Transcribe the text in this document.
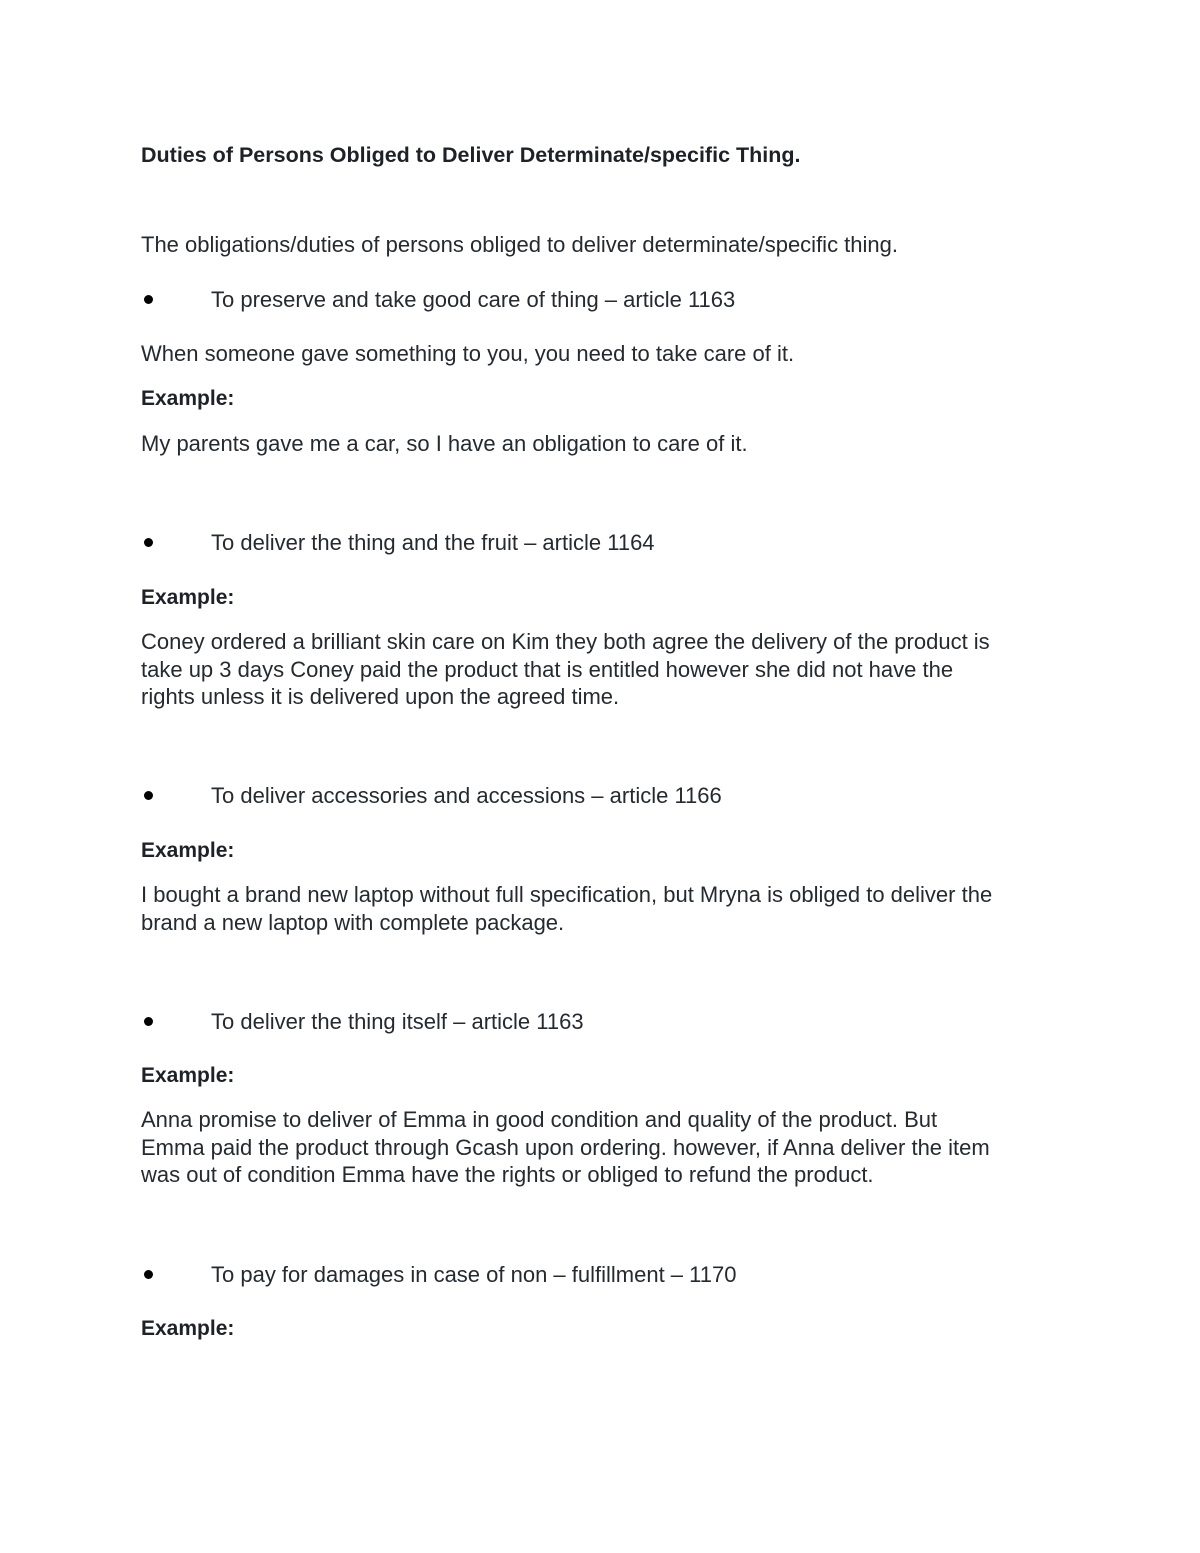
Duties of Persons Obliged to Deliver Determinate/specific Thing.

The obligations/duties of persons obliged to deliver determinate/specific thing.

To preserve and take good care of thing – article 1163

When someone gave something to you, you need to take care of it.

Example:

My parents gave me a car, so I have an obligation to care of it.
To deliver the thing and the fruit – article 1164

Example:

Coney ordered a brilliant skin care on Kim they both agree the delivery of the product is
take up 3 days Coney paid the product that is entitled however she did not have the
rights unless it is delivered upon the agreed time.
To deliver accessories and accessions – article 1166

Example:

I bought a brand new laptop without full specification, but Mryna is obliged to deliver the
brand a new laptop with complete package.
To deliver the thing itself – article 1163

Example:

Anna promise to deliver of Emma in good condition and quality of the product. But
Emma paid the product through Gcash upon ordering. however, if Anna deliver the item
was out of condition Emma have the rights or obliged to refund the product.
To pay for damages in case of non – fulfillment – 1170

Example:
